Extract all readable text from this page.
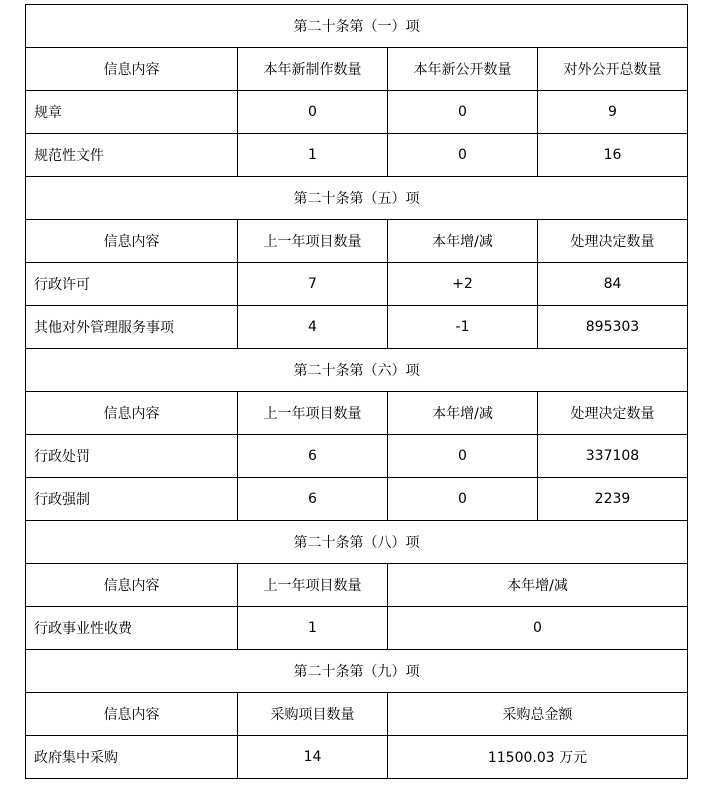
第二十条第（一）项			
信息内容	本年新制作数量	本年新公开数量	对外公开总数量
规章	0	0	9
规范性文件	1	0	16
第二十条第（五）项			
信息内容	上一年项目数量	本年增/减	处理决定数量
行政许可	7	+2	84
其他对外管理服务事项	4	-1	895303
第二十条第（六）项			
信息内容	上一年项目数量	本年增/减	处理决定数量
行政处罚	6	0	337108
行政强制	6	0	2239
第二十条第（八）项			
信息内容	上一年项目数量	本年增/减	
行政事业性收费	1	0	
第二十条第（九）项			
信息内容	采购项目数量	采购总金额	
政府集中采购	14	11500.03 万元	
